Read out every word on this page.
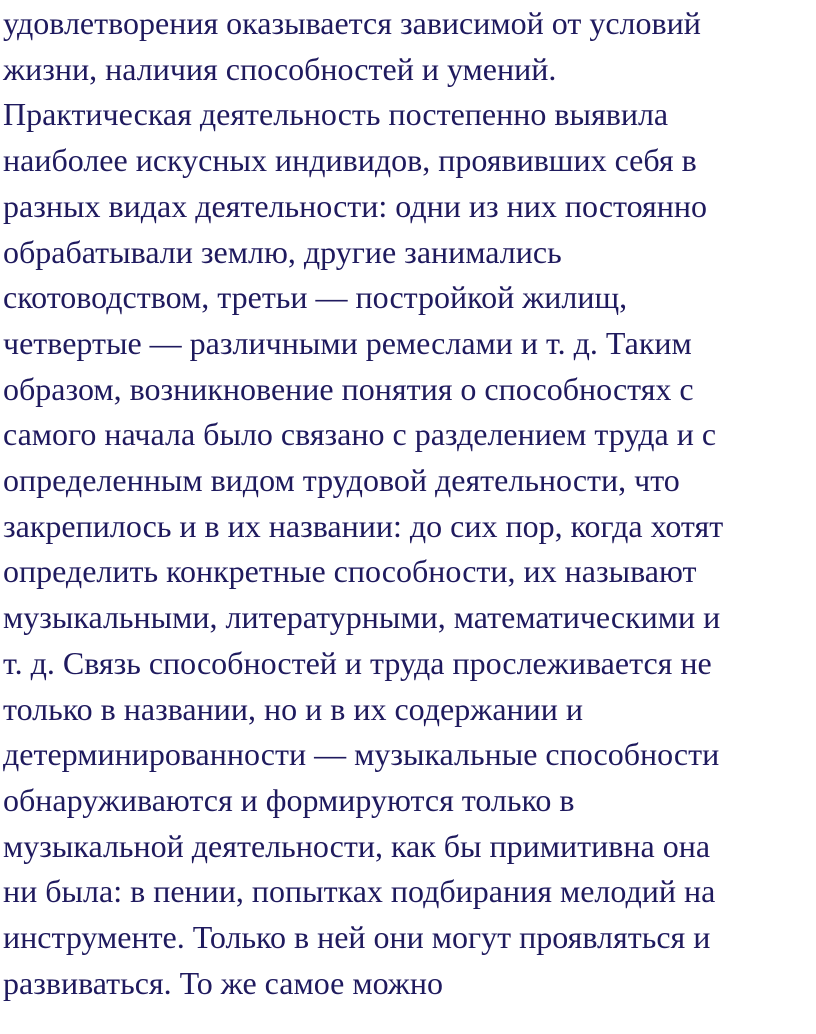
удовлетворения оказывается зависимой от условий
жизни, наличия способностей и умений.
Практическая деятельность постепенно выявила
наиболее искусных индивидов, проявивших себя в
разных видах деятельности: одни из них постоянно
обрабатывали землю, другие занимались
скотоводством, третьи — постройкой жилищ,
четвертые — различными ремеслами и т. д. Таким
образом, возникновение понятия о способностях с
самого начала было связано с разделением труда и с
определенным видом трудовой деятельности, что
закрепилось и в их названии: до сих пор, когда хотят
определить конкретные способности, их называют
музыкальными, литературными, математическими и
т. д. Связь способностей и труда прослеживается не
только в названии, но и в их содержании и
детерминированности — музыкальные способности
обнаруживаются и формируются только в
музыкальной деятельности, как бы примитивна она
ни была: в пении, попытках подбирания мелодий на
инструменте. Только в ней они могут проявляться и
развиваться. То же самое можно
